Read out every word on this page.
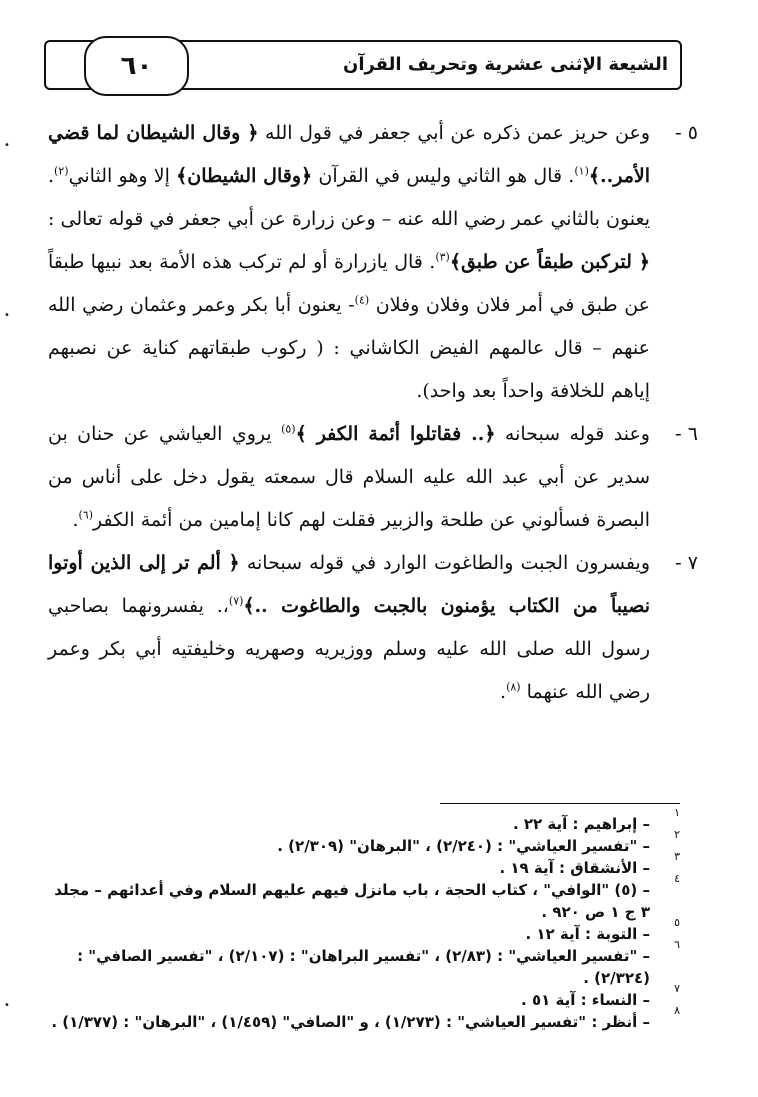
٦٠	الشيعة الإثنى عشرية وتحريف القرآن
٥ -
وعن حريز عمن ذكره عن أبي جعفر في قول الله ﴿ وقال الشيطان لما قضي الأمر..﴾$^{(١)}$. قال هو الثاني وليس في القرآن ﴿وقال الشيطان﴾ إلا وهو الثاني$^{(٢)}$. يعنون بالثاني عمر رضي الله عنه – وعن زرارة عن أبي جعفر في قوله تعالى : ﴿ لتركبن طبقاً عن طبق﴾$^{(٣)}$. قال يازرارة أو لم تركب هذه الأمة بعد نبيها طبقاً عن طبق في أمر فلان وفلان وفلان $^{(٤)}$- يعنون أبا بكر وعمر وعثمان رضي الله عنهم – قال عالمهم الفيض الكاشاني : ( ركوب طبقاتهم كناية عن نصبهم إياهم للخلافة واحداً بعد واحد).
٦ -
وعند قوله سبحانه ﴿.. فقاتلوا أئمة الكفر ﴾$^{(٥)}$ يروي العياشي عن حنان بن سدير عن أبي عبد الله عليه السلام قال سمعته يقول دخل على أناس من البصرة فسألوني عن طلحة والزبير فقلت لهم كانا إمامين من أئمة الكفر$^{(٦)}$.
٧ -
ويفسرون الجبت والطاغوت الوارد في قوله سبحانه ﴿ ألم تر إلى الذين أوتوا نصيباً من الكتاب يؤمنون بالجبت والطاغوت ..﴾$^{(٧)}$،. يفسرونهما بصاحبي رسول الله صلى الله عليه وسلم ووزيريه وصهريه وخليفتيه أبي بكر وعمر رضي الله عنهما $^{(٨)}$.
١
– إبراهيم : آية ٢٢ .
٢
– "تفسير العياشي" : (٢/٢٤٠) ، "البرهان" (٢/٣٠٩) .
٣
– الأنشقاق : آية ١٩ .
٤
– (٥) "الوافي" ، كتاب الحجة ، باب مانزل فيهم عليهم السلام وفي أعدائهم – مجلد ٣ ج ١ ص ٩٢٠ .
٥
– التوبة : آية ١٢ .
٦
– "تفسير العياشي" : (٢/٨٣) ، "تفسير البراهان" : (٢/١٠٧) ، "تفسير الصافي" : (٢/٣٢٤) .
٧
– النساء : آية ٥١ .
٨
– أنظر : "تفسير العياشي" : (١/٢٧٣) ، و "الصافي" (١/٤٥٩) ، "البرهان" : (١/٣٧٧) .
•
•
•
